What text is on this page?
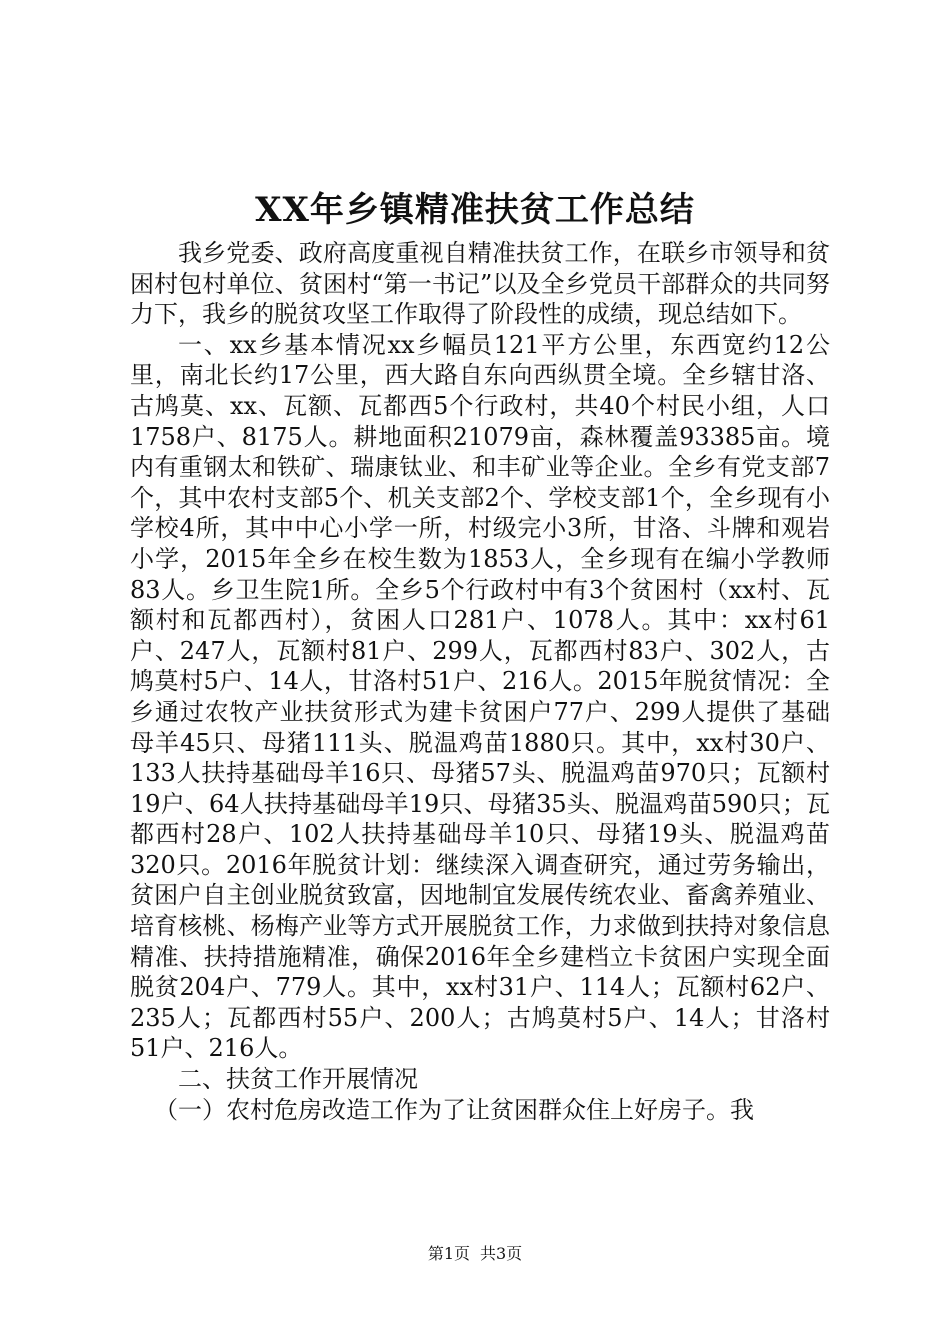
XX年乡镇精准扶贫工作总结

我乡党委、政府高度重视自精准扶贫工作，在联乡市领导和贫困村包村单位、贫困村“第一书记”以及全乡党员干部群众的共同努力下，我乡的脱贫攻坚工作取得了阶段性的成绩，现总结如下。

一、xx乡基本情况xx乡幅员121平方公里，东西宽约12公里，南北长约17公里，西大路自东向西纵贯全境。全乡辖甘洛、古鸠莫、xx、瓦额、瓦都西5个行政村，共40个村民小组，人口1758户、8175人。耕地面积21079亩，森林覆盖93385亩。境内有重钢太和铁矿、瑞康钛业、和丰矿业等企业。全乡有党支部7个，其中农村支部5个、机关支部2个、学校支部1个，全乡现有小学校4所，其中中心小学一所，村级完小3所，甘洛、斗牌和观岩小学，2015年全乡在校生数为1853人，全乡现有在编小学教师83人。乡卫生院1所。全乡5个行政村中有3个贫困村（xx村、瓦额村和瓦都西村），贫困人口281户、1078人。其中：xx村61户、247人，瓦额村81户、299人，瓦都西村83户、302人，古鸠莫村5户、14人，甘洛村51户、216人。2015年脱贫情况：全乡通过农牧产业扶贫形式为建卡贫困户77户、299人提供了基础母羊45只、母猪111头、脱温鸡苗1880只。其中，xx村30户、133人扶持基础母羊16只、母猪57头、脱温鸡苗970只；瓦额村19户、64人扶持基础母羊19只、母猪35头、脱温鸡苗590只；瓦都西村28户、102人扶持基础母羊10只、母猪19头、脱温鸡苗320只。2016年脱贫计划：继续深入调查研究，通过劳务输出，贫困户自主创业脱贫致富，因地制宜发展传统农业、畜禽养殖业、培育核桃、杨梅产业等方式开展脱贫工作，力求做到扶持对象信息精准、扶持措施精准，确保2016年全乡建档立卡贫困户实现全面脱贫204户、779人。其中，xx村31户、114人；瓦额村62户、235人；瓦都西村55户、200人；古鸠莫村5户、14人；甘洛村51户、216人。

二、扶贫工作开展情况

（一）农村危房改造工作为了让贫困群众住上好房子。我

第1页 共3页
